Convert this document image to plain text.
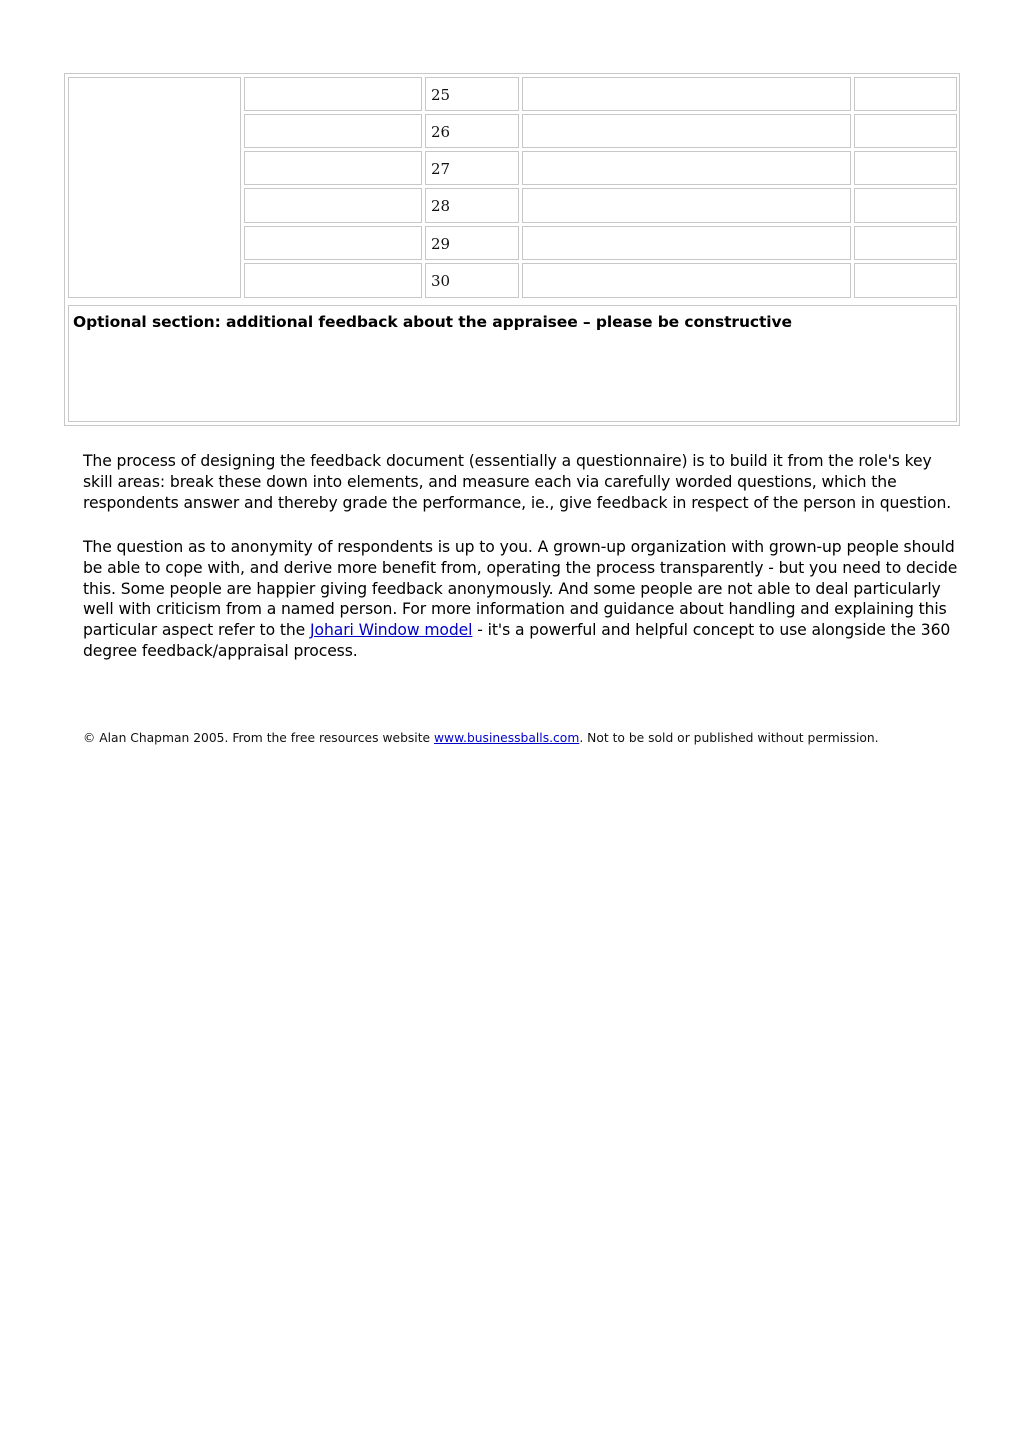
25
26
27
28
29
30
Optional section: additional feedback about the appraisee – please be constructive

The process of designing the feedback document (essentially a questionnaire) is to build it from the role's key skill areas: break these down into elements, and measure each via carefully worded questions, which the respondents answer and thereby grade the performance, ie., give feedback in respect of the person in question.

The question as to anonymity of respondents is up to you. A grown-up organization with grown-up people should be able to cope with, and derive more benefit from, operating the process transparently - but you need to decide this. Some people are happier giving feedback anonymously. And some people are not able to deal particularly well with criticism from a named person. For more information and guidance about handling and explaining this particular aspect refer to the Johari Window model - it's a powerful and helpful concept to use alongside the 360 degree feedback/appraisal process.

© Alan Chapman 2005. From the free resources website www.businessballs.com. Not to be sold or published without permission.
